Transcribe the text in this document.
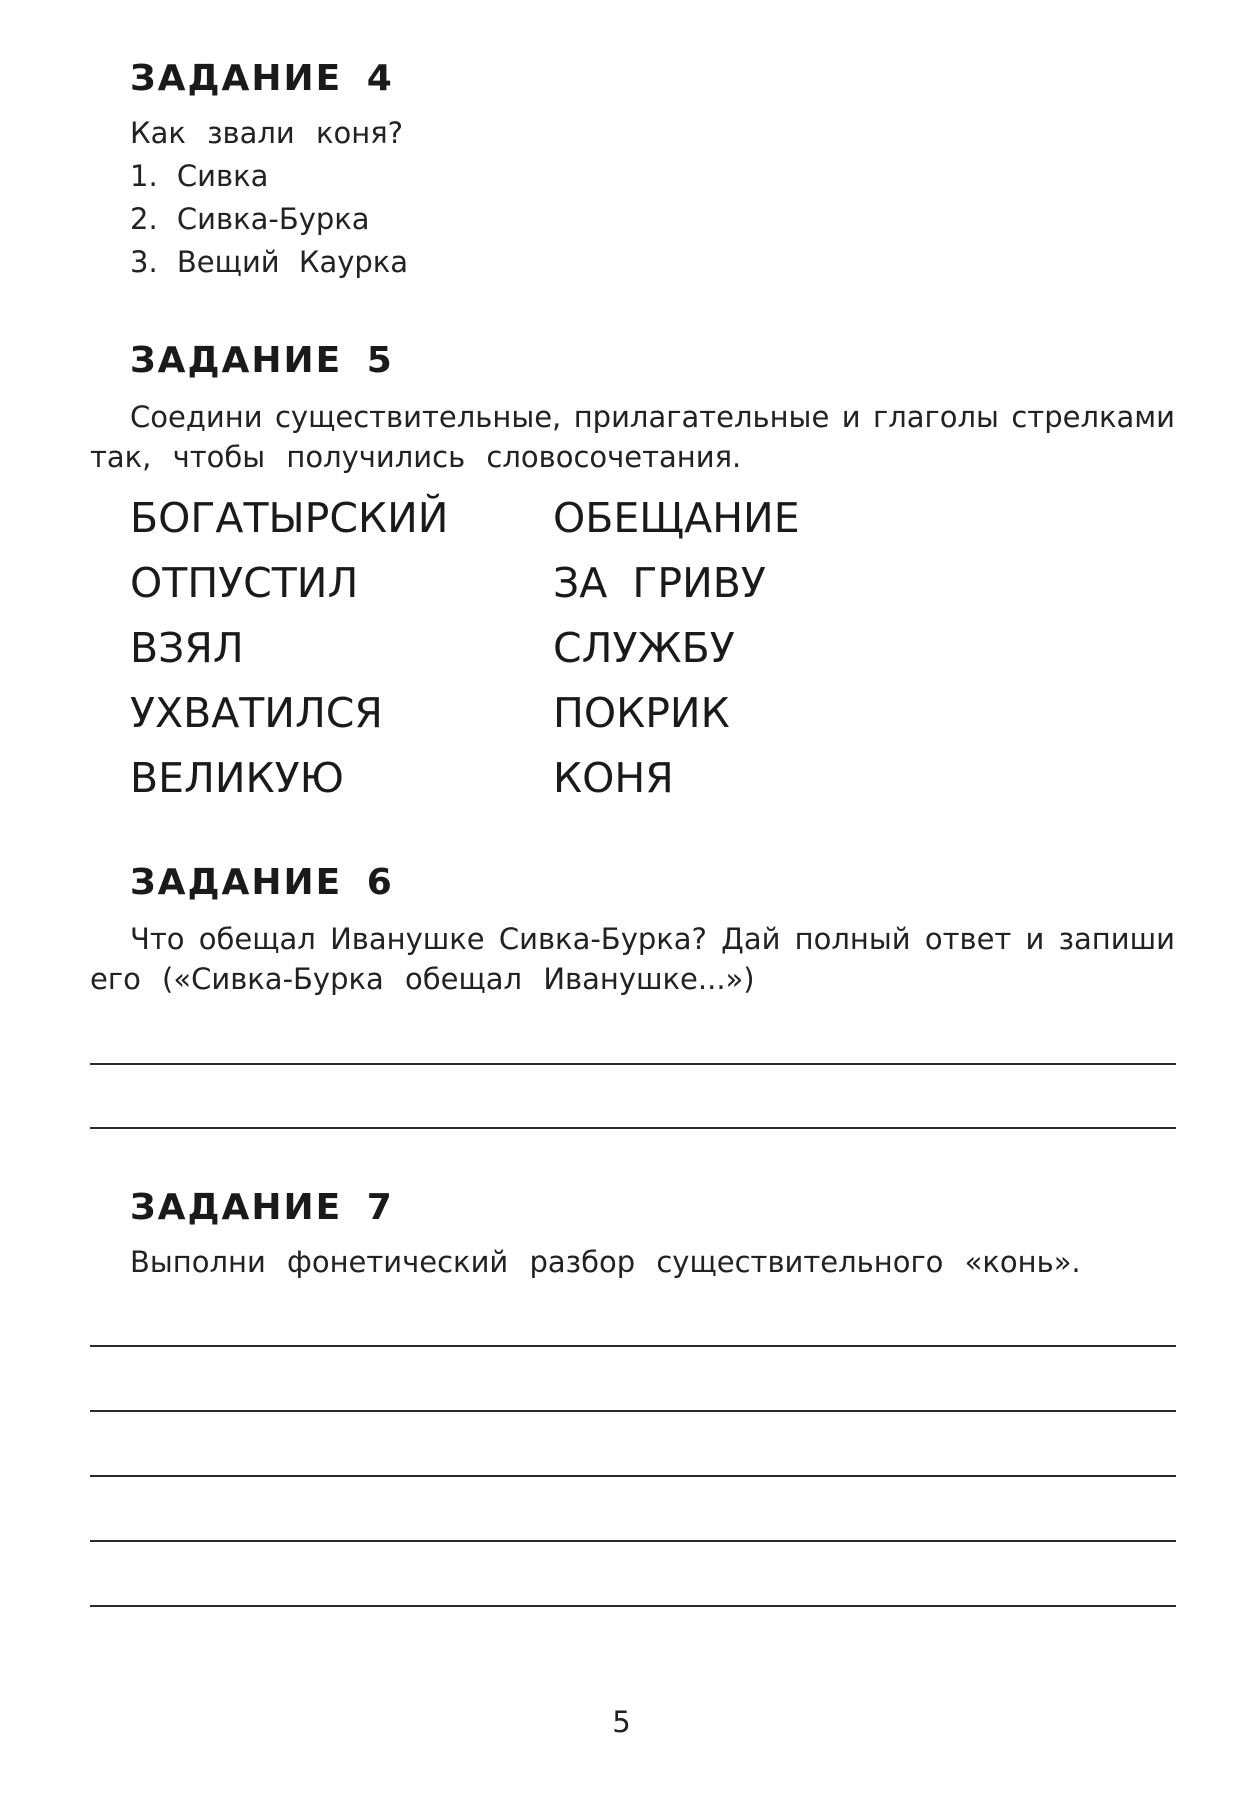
ЗАДАНИЕ 4
Как звали коня?
1. Сивка
2. Сивка-Бурка
3. Вещий Каурка
ЗАДАНИЕ 5
Соедини существительные, прилагательные и глаголы стрелками
так, чтобы получились словосочетания.
БОГАТЫРСКИЙ
ОТПУСТИЛ
ВЗЯЛ
УХВАТИЛСЯ
ВЕЛИКУЮ
ОБЕЩАНИЕ
ЗА ГРИВУ
СЛУЖБУ
ПОКРИК
КОНЯ
ЗАДАНИЕ 6
Что обещал Иванушке Сивка-Бурка? Дай полный ответ и запиши
его («Сивка-Бурка обещал Иванушке...»)
ЗАДАНИЕ 7
Выполни фонетический разбор существительного «конь».
5
